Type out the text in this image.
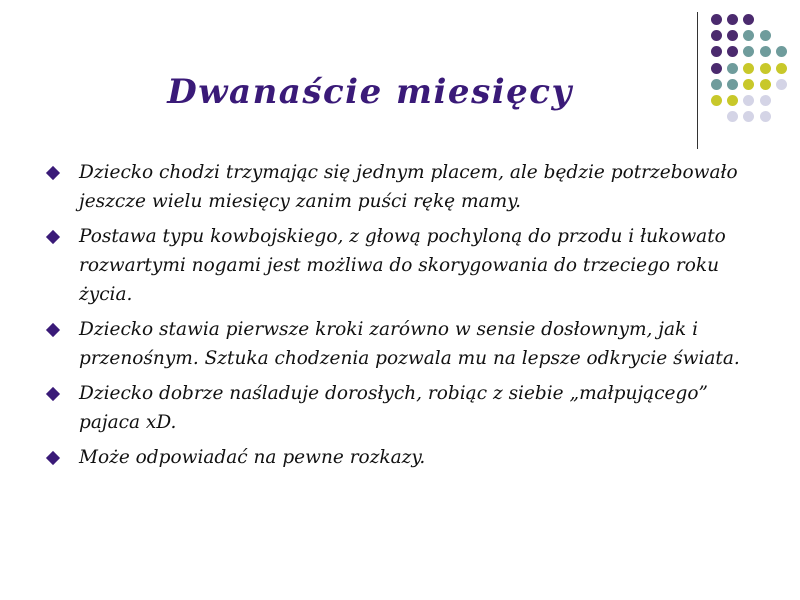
Dwanaście miesięcy
Dziecko chodzi trzymając się jednym placem, ale będzie potrzebowało jeszcze wielu miesięcy zanim puści rękę mamy.
Postawa typu kowbojskiego, z głową pochyloną do przodu i łukowato rozwartymi nogami jest możliwa do skorygowania do trzeciego roku życia.
Dziecko stawia pierwsze kroki zarówno w sensie dosłownym, jak i przenośnym. Sztuka chodzenia pozwala mu na lepsze odkrycie świata.
Dziecko dobrze naśladuje dorosłych, robiąc z siebie „małpującego” pajaca xD.
Może odpowiadać na pewne rozkazy.
